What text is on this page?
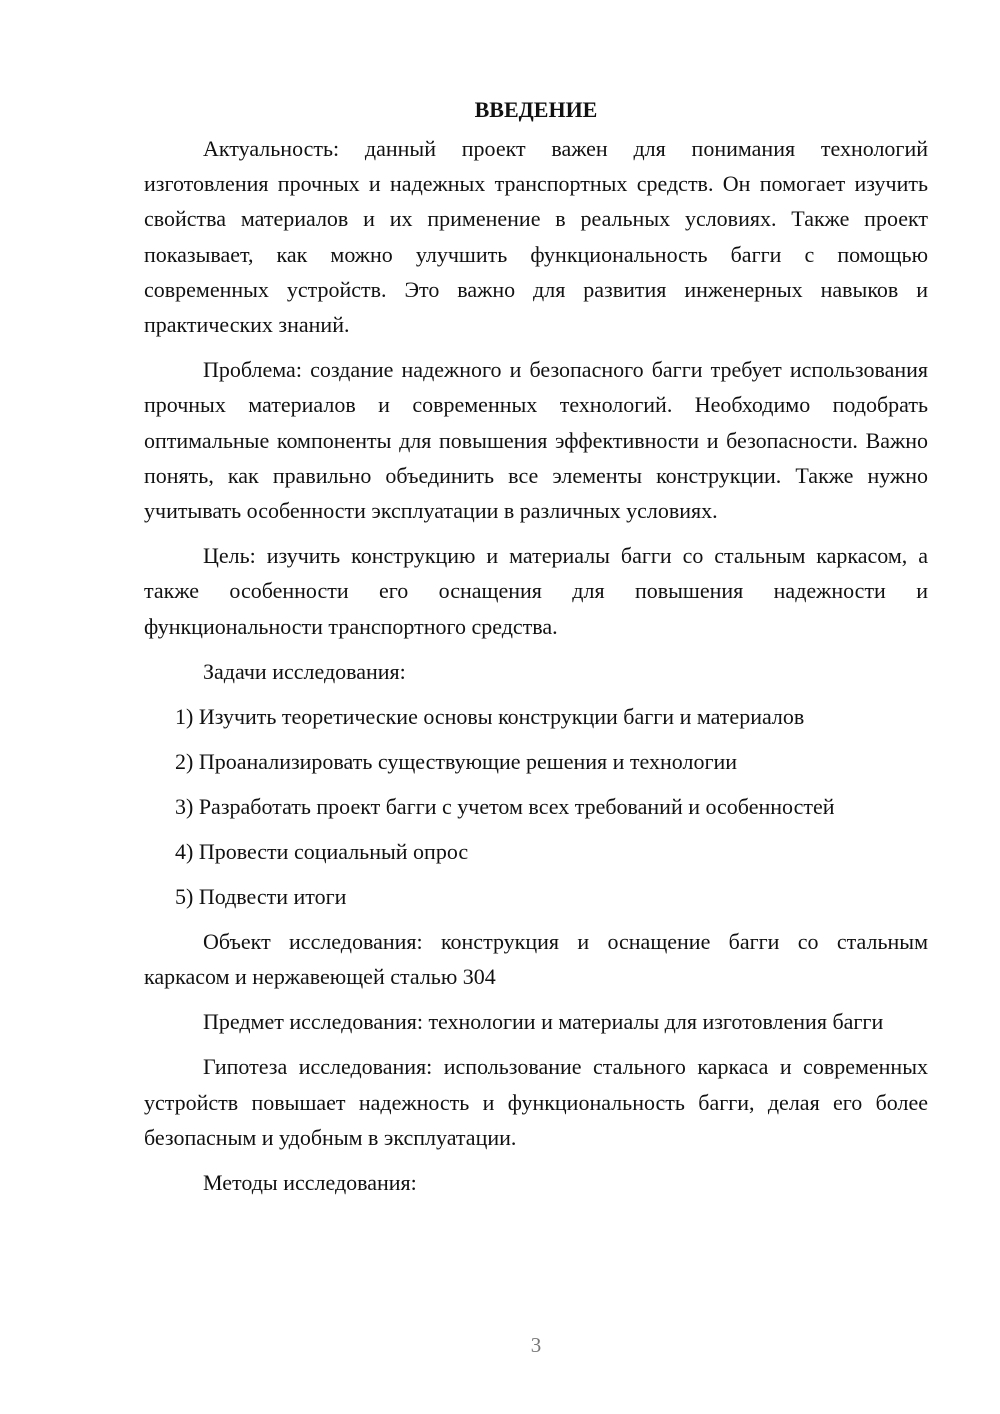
ВВЕДЕНИЕ

Актуальность: данный проект важен для понимания технологий изготовления прочных и надежных транспортных средств. Он помогает изучить свойства материалов и их применение в реальных условиях. Также проект показывает, как можно улучшить функциональность багги с помощью современных устройств. Это важно для развития инженерных навыков и практических знаний.

Проблема: создание надежного и безопасного багги требует использования прочных материалов и современных технологий. Необходимо подобрать оптимальные компоненты для повышения эффективности и безопасности. Важно понять, как правильно объединить все элементы конструкции. Также нужно учитывать особенности эксплуатации в различных условиях.

Цель: изучить конструкцию и материалы багги со стальным каркасом, а также особенности его оснащения для повышения надежности и функциональности транспортного средства.

Задачи исследования:

1) Изучить теоретические основы конструкции багги и материалов

2) Проанализировать существующие решения и технологии

3) Разработать проект багги с учетом всех требований и особенностей

4) Провести социальный опрос

5) Подвести итоги

Объект исследования: конструкция и оснащение багги со стальным каркасом и нержавеющей сталью 304

Предмет исследования: технологии и материалы для изготовления багги

Гипотеза исследования: использование стального каркаса и современных устройств повышает надежность и функциональность багги, делая его более безопасным и удобным в эксплуатации.

Методы исследования:

3
